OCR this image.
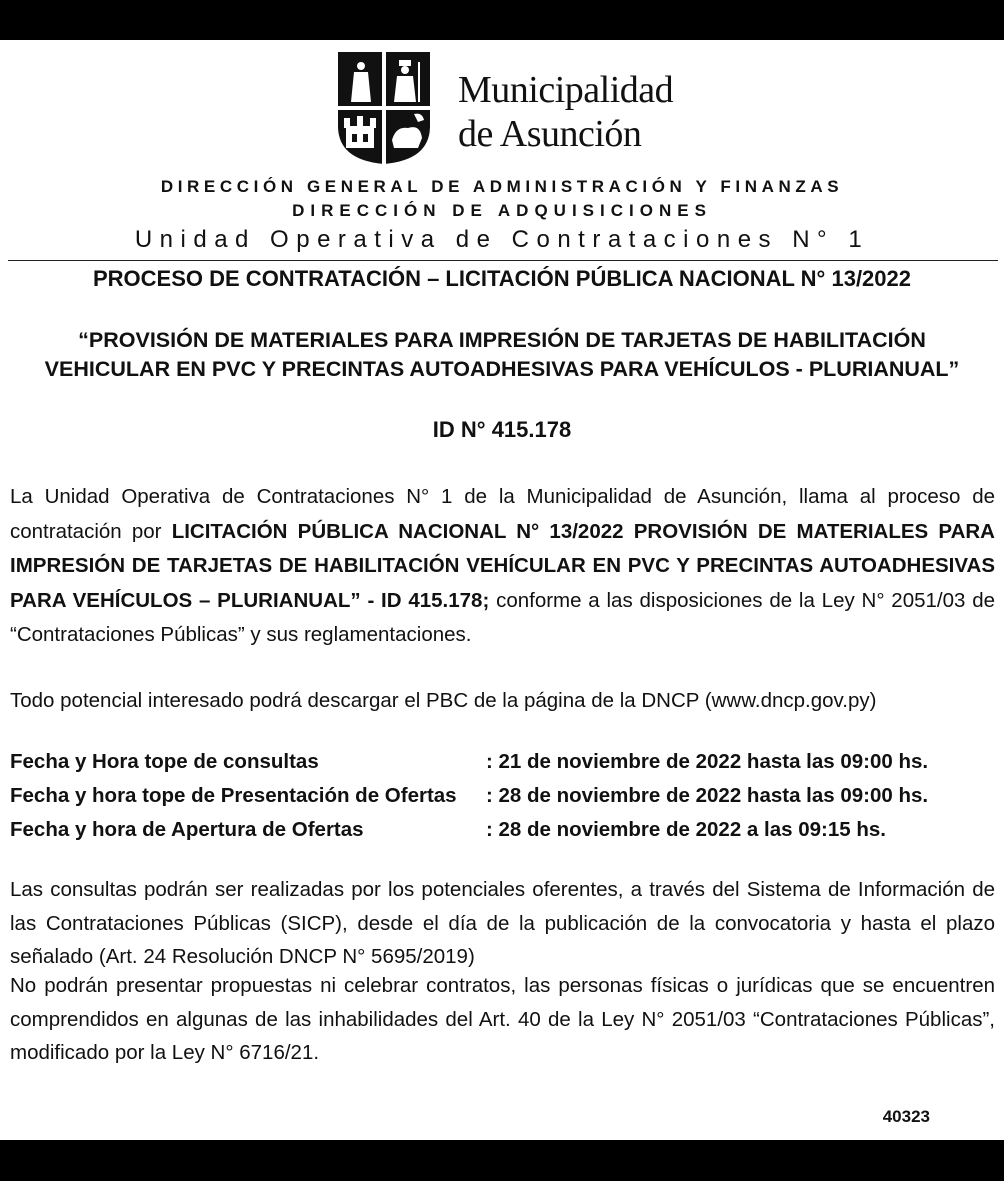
Municipalidad
de Asunción
DIRECCIÓN GENERAL DE ADMINISTRACIÓN Y FINANZAS
DIRECCIÓN DE ADQUISICIONES
Unidad Operativa de Contrataciones N° 1
PROCESO DE CONTRATACIÓN – LICITACIÓN PÚBLICA NACIONAL N° 13/2022
“PROVISIÓN DE MATERIALES PARA IMPRESIÓN DE TARJETAS DE HABILITACIÓN
VEHICULAR EN PVC Y PRECINTAS AUTOADHESIVAS PARA VEHÍCULOS - PLURIANUAL”
ID N° 415.178
La Unidad Operativa de Contrataciones N° 1 de la Municipalidad de Asunción, llama al proceso de contratación por LICITACIÓN PÚBLICA NACIONAL N° 13/2022 PROVISIÓN DE MATERIALES PARA IMPRESIÓN DE TARJETAS DE HABILITACIÓN VEHÍCULAR EN PVC Y PRECINTAS AUTOADHESIVAS PARA VEHÍCULOS – PLURIANUAL” - ID 415.178; conforme a las disposiciones de la Ley N° 2051/03 de “Contrataciones Públicas” y sus reglamentaciones.
Todo potencial interesado podrá descargar el PBC de la página de la DNCP (www.dncp.gov.py)
Fecha y Hora tope de consultas	: 21 de noviembre de 2022 hasta las 09:00 hs.
Fecha y hora tope de Presentación de Ofertas	: 28 de noviembre de 2022 hasta las 09:00 hs.
Fecha y hora de Apertura de Ofertas	: 28 de noviembre de 2022 a las 09:15 hs.
Las consultas podrán ser realizadas por los potenciales oferentes, a través del Sistema de Información de las Contrataciones Públicas (SICP), desde el día de la publicación de la convocatoria y hasta el plazo señalado (Art. 24 Resolución DNCP N° 5695/2019)
No podrán presentar propuestas ni celebrar contratos, las personas físicas o jurídicas que se encuentren comprendidos en algunas de las inhabilidades del Art. 40 de la Ley N° 2051/03 “Contrataciones Públicas”, modificado por la Ley N° 6716/21.
40323
